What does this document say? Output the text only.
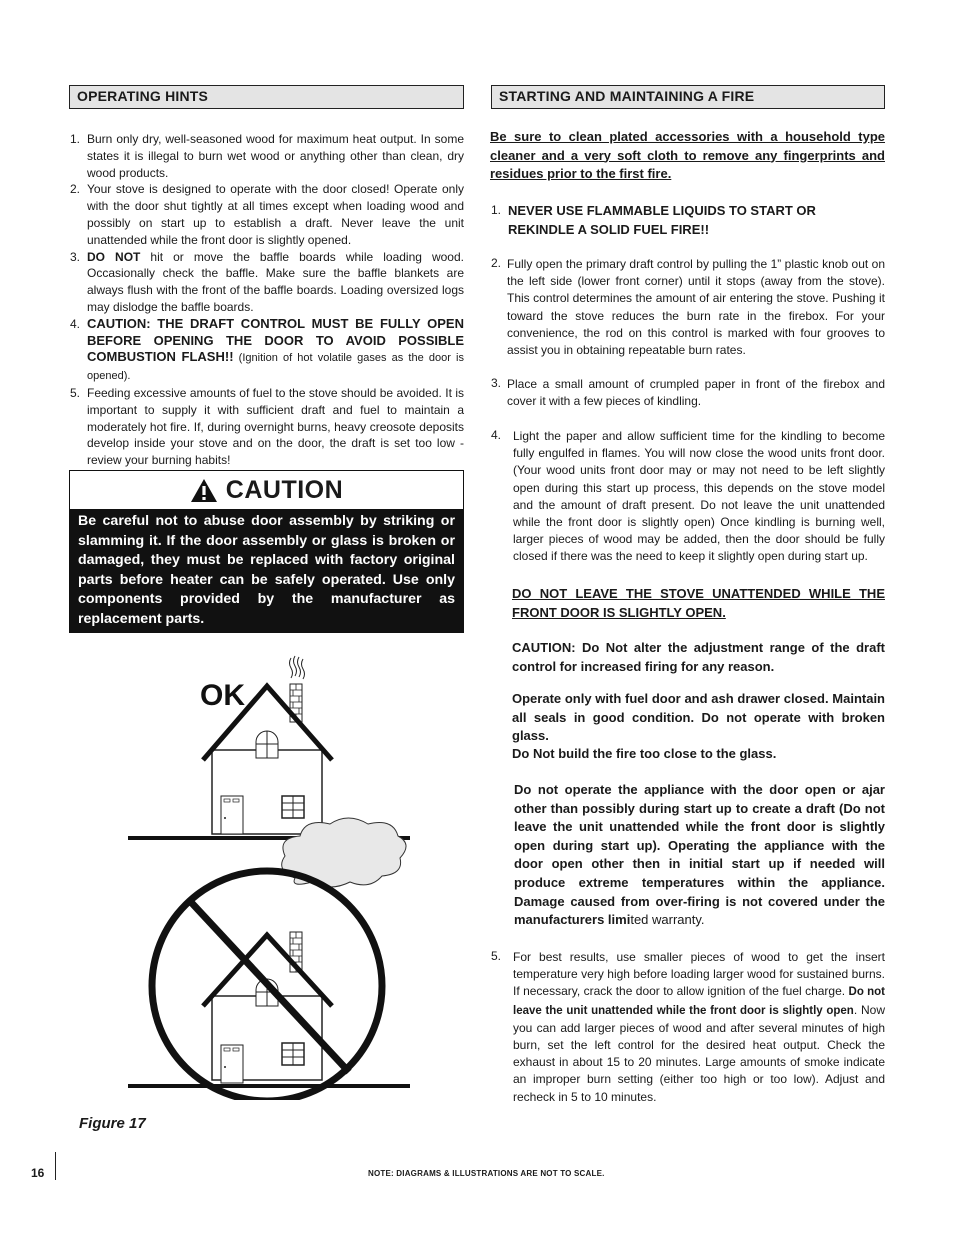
OPERATING HINTS
1. Burn only dry, well-seasoned wood for maximum heat output. In some states it is illegal to burn wet wood or anything other than clean, dry wood products.
2. Your stove is designed to operate with the door closed! Operate only with the door shut tightly at all times except when loading wood and possibly on start up to establish a draft. Never leave the unit unattended while the front door is slightly opened.
3. DO NOT hit or move the baffle boards while loading wood. Occasionally check the baffle. Make sure the baffle blankets are always flush with the front of the baffle boards. Loading oversized logs may dislodge the baffle boards.
4. CAUTION: THE DRAFT CONTROL MUST BE FULLY OPEN BEFORE OPENING THE DOOR TO AVOID POSSIBLE COMBUSTION FLASH!! (Ignition of hot volatile gases as the door is opened).
5. Feeding excessive amounts of fuel to the stove should be avoided. It is important to supply it with sufficient draft and fuel to maintain a moderately hot fire. If, during overnight burns, heavy creosote deposits develop inside your stove and on the door, the draft is set too low - review your burning habits!
CAUTION
Be careful not to abuse door assembly by striking or slamming it. If the door assembly or glass is broken or damaged, they must be replaced with factory original parts before heater can be safely operated. Use only components provided by the manufacturer as replacement parts.
OK
Figure 17
STARTING AND MAINTAINING A FIRE
Be sure to clean plated accessories with a household type cleaner and a very soft cloth to remove any fingerprints and residues prior to the first fire.
1. NEVER USE FLAMMABLE LIQUIDS TO START OR REKINDLE A SOLID FUEL FIRE!!
2. Fully open the primary draft control by pulling the 1” plastic knob out on the left side (lower front corner) until it stops (away from the stove). This control determines the amount of air entering the stove. Pushing it toward the stove reduces the burn rate in the firebox. For your convenience, the rod on this control is marked with four grooves to assist you in obtaining repeatable burn rates.
3. Place a small amount of crumpled paper in front of the firebox and cover it with a few pieces of kindling.
4. Light the paper and allow sufficient time for the kindling to become fully engulfed in flames. You will now close the wood units front door. (Your wood units front door may or may not need to be left slightly open during this start up process, this depends on the stove model and the amount of draft present. Do not leave the unit unattended while the front door is slightly open) Once kindling is burning well, larger pieces of wood may be added, then the door should be fully closed if there was the need to keep it slightly open during start up.
DO NOT LEAVE THE STOVE UNATTENDED WHILE THE FRONT DOOR IS SLIGHTLY OPEN.
CAUTION: Do Not alter the adjustment range of the draft control for increased firing for any reason.
Operate only with fuel door and ash drawer closed. Maintain all seals in good condition. Do not operate with broken glass.
Do Not build the fire too close to the glass.
Do not operate the appliance with the door open or ajar other than possibly during start up to create a draft (Do not leave the unit unattended while the front door is slightly open during start up). Operating the appliance with the door open other then in initial start up if needed will produce extreme temperatures within the appliance. Damage caused from over-firing is not covered under the manufacturers limited warranty.
5. For best results, use smaller pieces of wood to get the insert temperature very high before loading larger wood for sustained burns. If necessary, crack the door to allow ignition of the fuel charge. Do not leave the unit unattended while the front door is slightly open. Now you can add larger pieces of wood and after several minutes of high burn, set the left control for the desired heat output. Check the exhaust in about 15 to 20 minutes. Large amounts of smoke indicate an improper burn setting (either too high or too low). Adjust and recheck in 5 to 10 minutes.
16	NOTE: DIAGRAMS & ILLUSTRATIONS ARE NOT TO SCALE.
